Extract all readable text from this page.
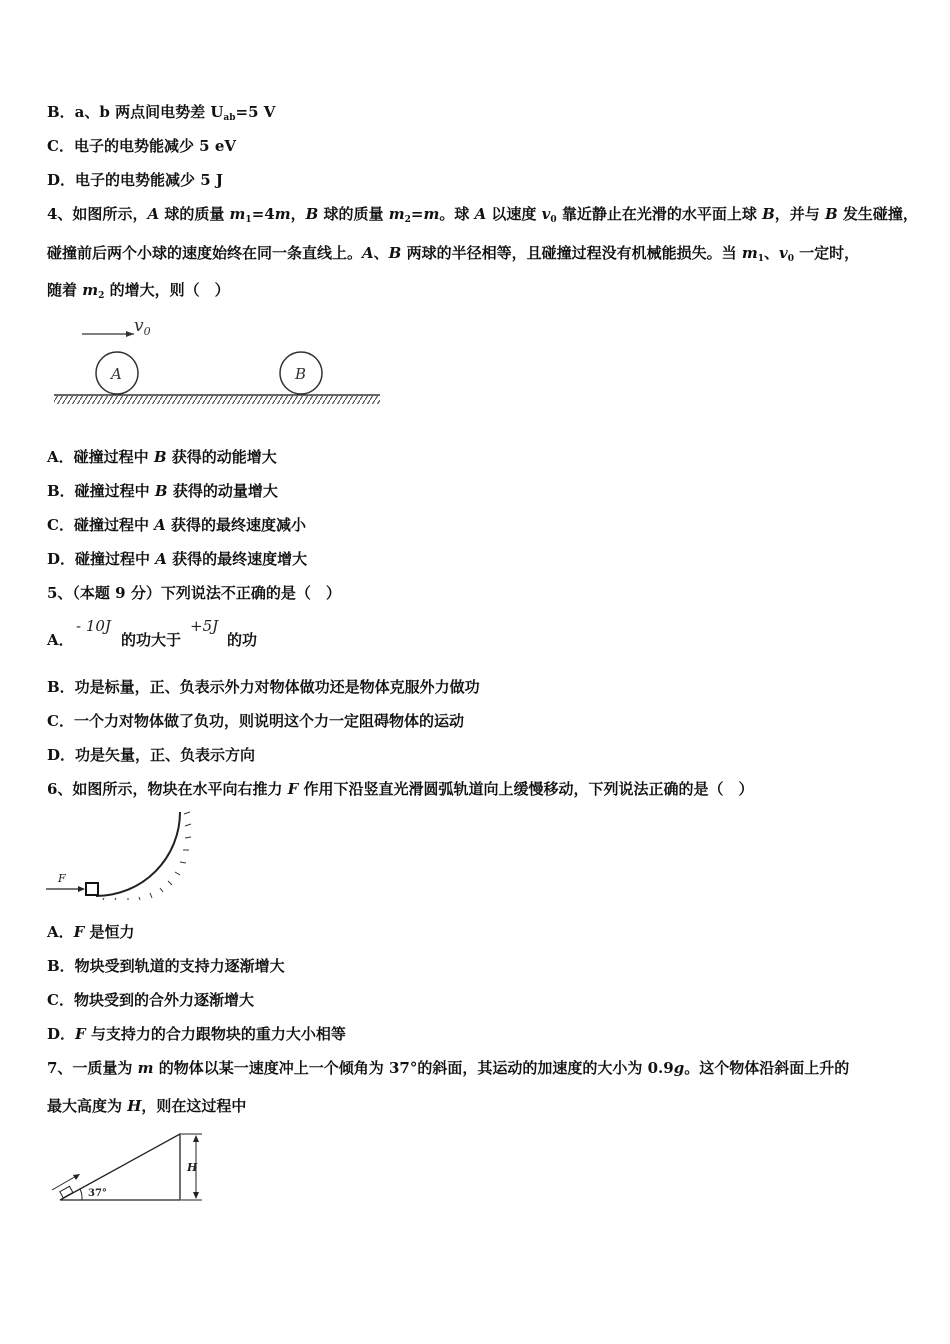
B．a、b 两点间电势差 $U_{ab}=5$ V
C．电子的电势能减少 5 eV
D．电子的电势能减少 5 J
4、如图所示，A 球的质量 $m_1=4m$，B 球的质量 $m_2=m$。球 A 以速度 $v_0$ 靠近静止在光滑的水平面上球 B，并与 B 发生碰撞，
碰撞前后两个小球的速度始终在同一条直线上。A、B 两球的半径相等，且碰撞过程没有机械能损失。当 $m_1$、$v_0$ 一定时，
随着 $m_2$ 的增大，则（　）
$v_0$
A	B
A．碰撞过程中 B 获得的动能增大
B．碰撞过程中 B 获得的动量增大
C．碰撞过程中 A 获得的最终速度减小
D．碰撞过程中 A 获得的最终速度增大
5、（本题 9 分）下列说法不正确的是（　）
A．
- 10J
的功大于
+5J
的功
B．功是标量，正、负表示外力对物体做功还是物体克服外力做功
C．一个力对物体做了负功，则说明这个力一定阻碍物体的运动
D．功是矢量，正、负表示方向
6、如图所示，物块在水平向右推力 F 作用下沿竖直光滑圆弧轨道向上缓慢移动，下列说法正确的是（　）
F
A．F 是恒力
B．物块受到轨道的支持力逐渐增大
C．物块受到的合外力逐渐增大
D．F 与支持力的合力跟物块的重力大小相等
7、一质量为 m 的物体以某一速度冲上一个倾角为 37°的斜面，其运动的加速度的大小为 0.9g。这个物体沿斜面上升的
最大高度为 H，则在这过程中
H
37°
